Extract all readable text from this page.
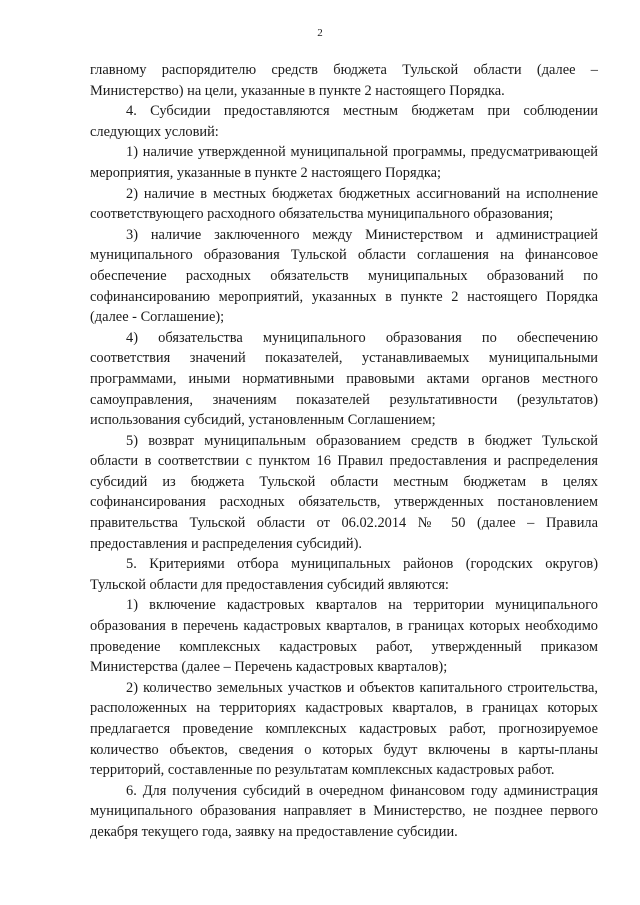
2

главному распорядителю средств бюджета Тульской области (далее – Министерство) на цели, указанные в пункте 2 настоящего Порядка.

4. Субсидии предоставляются местным бюджетам при соблюдении следующих условий:

1) наличие утвержденной муниципальной программы, предусматривающей мероприятия, указанные в пункте 2 настоящего Порядка;

2) наличие в местных бюджетах бюджетных ассигнований на исполнение соответствующего расходного обязательства муниципального образования;

3) наличие заключенного между Министерством и администрацией муниципального образования Тульской области соглашения на финансовое обеспечение расходных обязательств муниципальных образований по софинансированию мероприятий, указанных в пункте 2 настоящего Порядка (далее - Соглашение);

4) обязательства муниципального образования по обеспечению соответствия значений показателей, устанавливаемых муниципальными программами, иными нормативными правовыми актами органов местного самоуправления, значениям показателей результативности (результатов) использования субсидий, установленным Соглашением;

5) возврат муниципальным образованием средств в бюджет Тульской области в соответствии с пунктом 16 Правил предоставления и распределения субсидий из бюджета Тульской области местным бюджетам в целях софинансирования расходных обязательств, утвержденных постановлением правительства Тульской области от 06.02.2014 № 50 (далее – Правила предоставления и распределения субсидий).

5. Критериями отбора муниципальных районов (городских округов) Тульской области для предоставления субсидий являются:

1) включение кадастровых кварталов на территории муниципального образования в перечень кадастровых кварталов, в границах которых необходимо проведение комплексных кадастровых работ, утвержденный приказом Министерства (далее – Перечень кадастровых кварталов);

2) количество земельных участков и объектов капитального строительства, расположенных на территориях кадастровых кварталов, в границах которых предлагается проведение комплексных кадастровых работ, прогнозируемое количество объектов, сведения о которых будут включены в карты-планы территорий, составленные по результатам комплексных кадастровых работ.

6. Для получения субсидий в очередном финансовом году администрация муниципального образования направляет в Министерство, не позднее первого декабря текущего года, заявку на предоставление субсидии.
